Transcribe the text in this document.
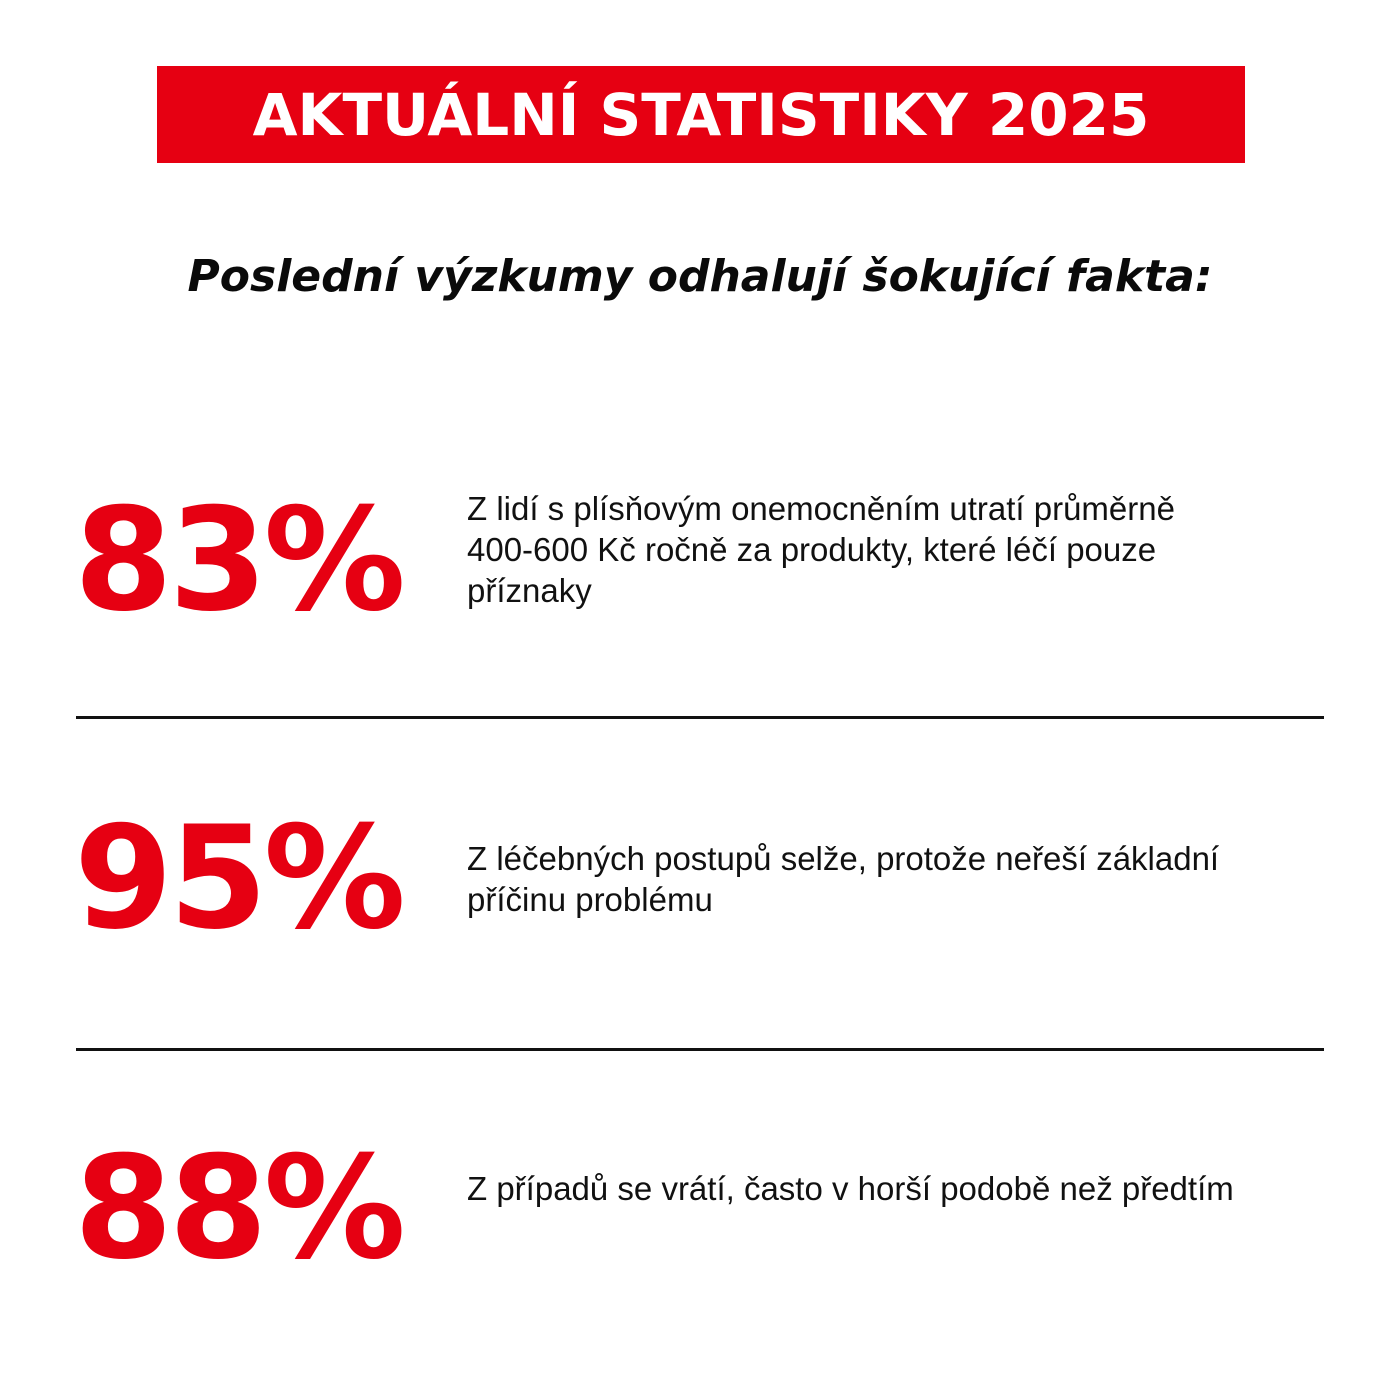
AKTUÁLNÍ STATISTIKY 2025
Poslední výzkumy odhalují šokující fakta:
83% Z lidí s plísňovým onemocněním utratí průměrně 400-600 Kč ročně za produkty, které léčí pouze příznaky
95% Z léčebných postupů selže, protože neřeší základní příčinu problému
88% Z případů se vrátí, často v horší podobě než předtím
